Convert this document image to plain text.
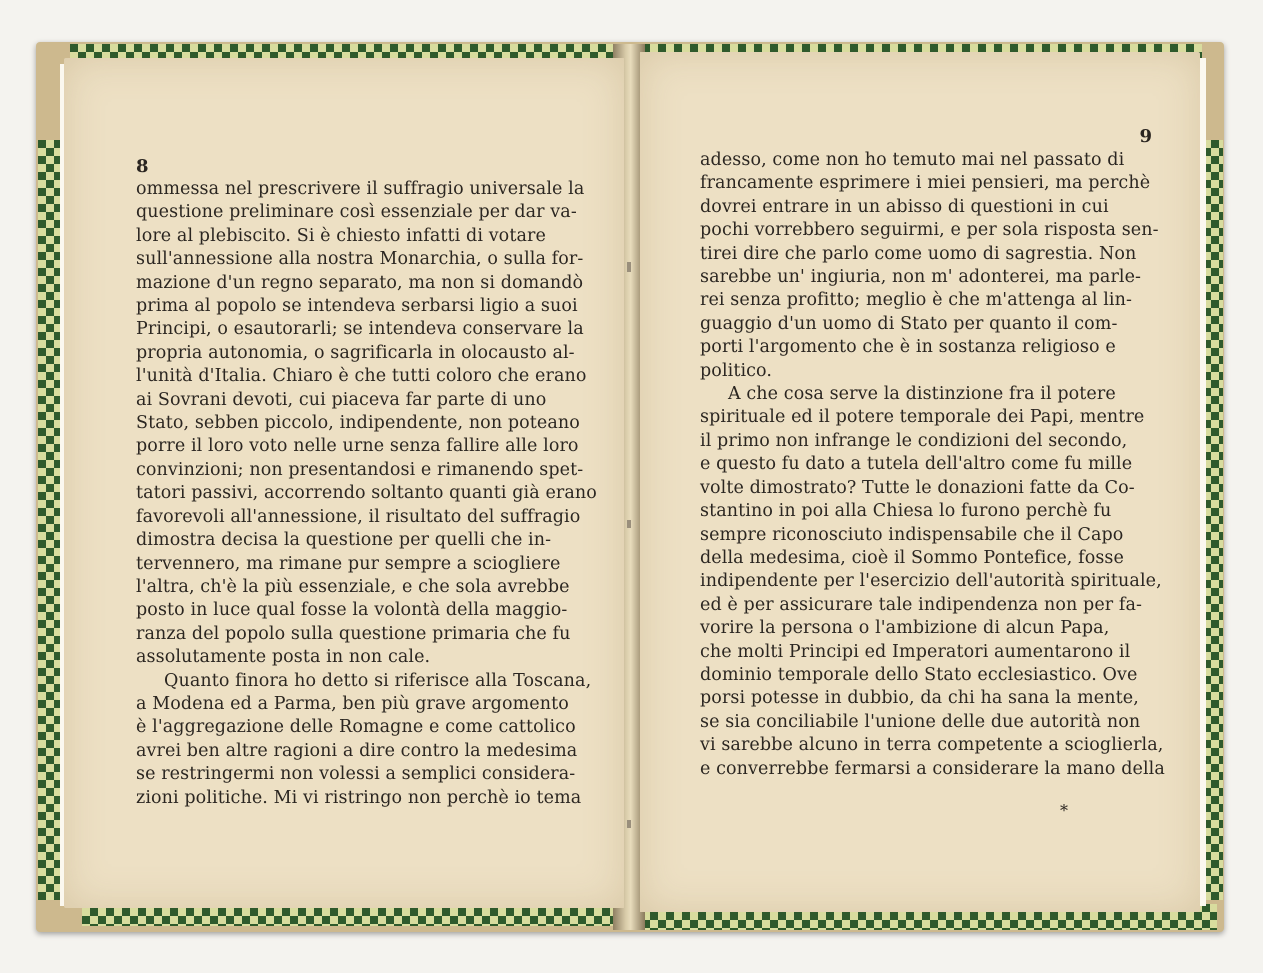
8
ommessa nel prescrivere il suffragio universale la
questione preliminare così essenziale per dar va-
lore al plebiscito. Si è chiesto infatti di votare
sull'annessione alla nostra Monarchia, o sulla for-
mazione d'un regno separato, ma non si domandò
prima al popolo se intendeva serbarsi ligio a suoi
Principi, o esautorarli; se intendeva conservare la
propria autonomia, o sagrificarla in olocausto al-
l'unità d'Italia. Chiaro è che tutti coloro che erano
ai Sovrani devoti, cui piaceva far parte di uno
Stato, sebben piccolo, indipendente, non poteano
porre il loro voto nelle urne senza fallire alle loro
convinzioni; non presentandosi e rimanendo spet-
tatori passivi, accorrendo soltanto quanti già erano
favorevoli all'annessione, il risultato del suffragio
dimostra decisa la questione per quelli che in-
tervennero, ma rimane pur sempre a sciogliere
l'altra, ch'è la più essenziale, e che sola avrebbe
posto in luce qual fosse la volontà della maggio-
ranza del popolo sulla questione primaria che fu
assolutamente posta in non cale.
Quanto finora ho detto si riferisce alla Toscana,
a Modena ed a Parma, ben più grave argomento
è l'aggregazione delle Romagne e come cattolico
avrei ben altre ragioni a dire contro la medesima
se restringermi non volessi a semplici considera-
zioni politiche. Mi vi ristringo non perchè io tema
9
adesso, come non ho temuto mai nel passato di
francamente esprimere i miei pensieri, ma perchè
dovrei entrare in un abisso di questioni in cui
pochi vorrebbero seguirmi, e per sola risposta sen-
tirei dire che parlo come uomo di sagrestia. Non
sarebbe un' ingiuria, non m' adonterei, ma parle-
rei senza profitto; meglio è che m'attenga al lin-
guaggio d'un uomo di Stato per quanto il com-
porti l'argomento che è in sostanza religioso e
politico.
A che cosa serve la distinzione fra il potere
spirituale ed il potere temporale dei Papi, mentre
il primo non infrange le condizioni del secondo,
e questo fu dato a tutela dell'altro come fu mille
volte dimostrato? Tutte le donazioni fatte da Co-
stantino in poi alla Chiesa lo furono perchè fu
sempre riconosciuto indispensabile che il Capo
della medesima, cioè il Sommo Pontefice, fosse
indipendente per l'esercizio dell'autorità spirituale,
ed è per assicurare tale indipendenza non per fa-
vorire la persona o l'ambizione di alcun Papa,
che molti Principi ed Imperatori aumentarono il
dominio temporale dello Stato ecclesiastico. Ove
porsi potesse in dubbio, da chi ha sana la mente,
se sia conciliabile l'unione delle due autorità non
vi sarebbe alcuno in terra competente a scioglierla,
e converrebbe fermarsi a considerare la mano della
*
